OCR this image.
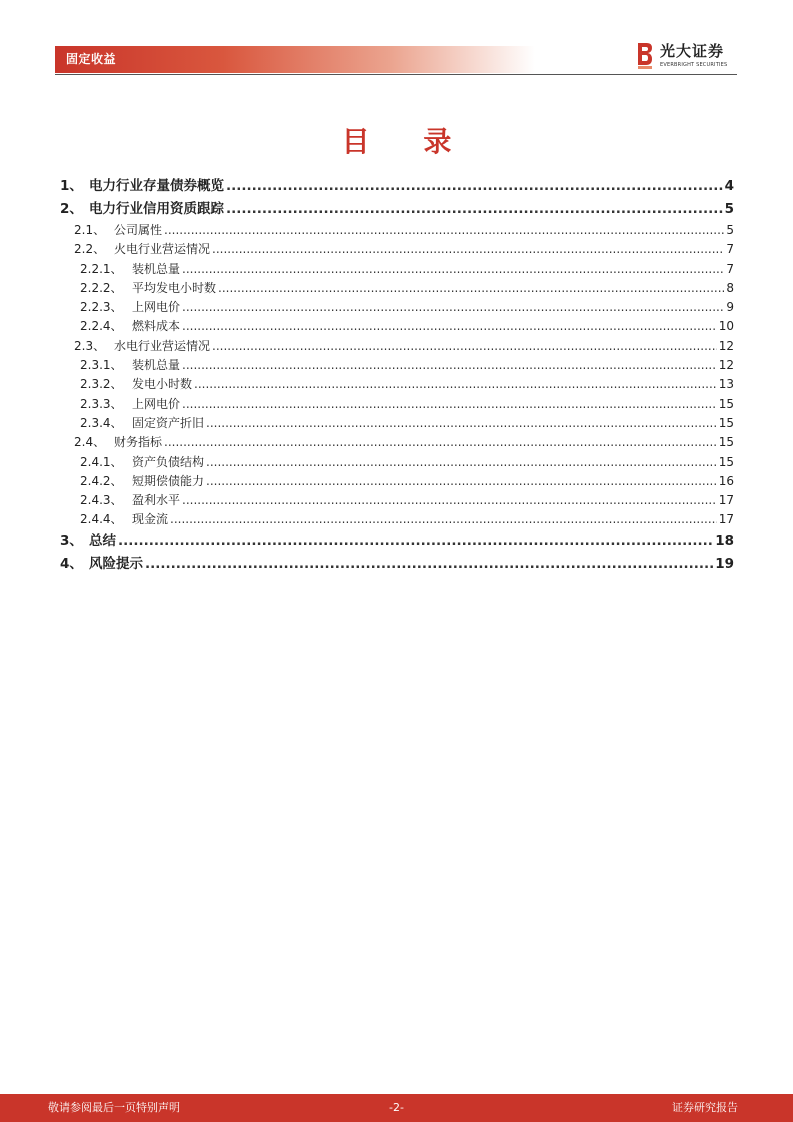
固定收益	光大证券
EVERBRIGHT SECURITIES
目 录
1、 电力行业存量债券概览 .....	4
2、 电力行业信用资质跟踪 .....	5
2.1、 公司属性 .....	5
2.2、 火电行业营运情况 .....	7
2.2.1、 装机总量 .....	7
2.2.2、 平均发电小时数 .....	8
2.2.3、 上网电价 .....	9
2.2.4、 燃料成本 .....	10
2.3、 水电行业营运情况 .....	12
2.3.1、 装机总量 .....	12
2.3.2、 发电小时数 .....	13
2.3.3、 上网电价 .....	15
2.3.4、 固定资产折旧 .....	15
2.4、 财务指标 .....	15
2.4.1、 资产负债结构 .....	15
2.4.2、 短期偿债能力 .....	16
2.4.3、 盈利水平 .....	17
2.4.4、 现金流 .....	17
3、 总结 .....	18
4、 风险提示 .....	19
敬请参阅最后一页特别声明	-2-	证券研究报告
